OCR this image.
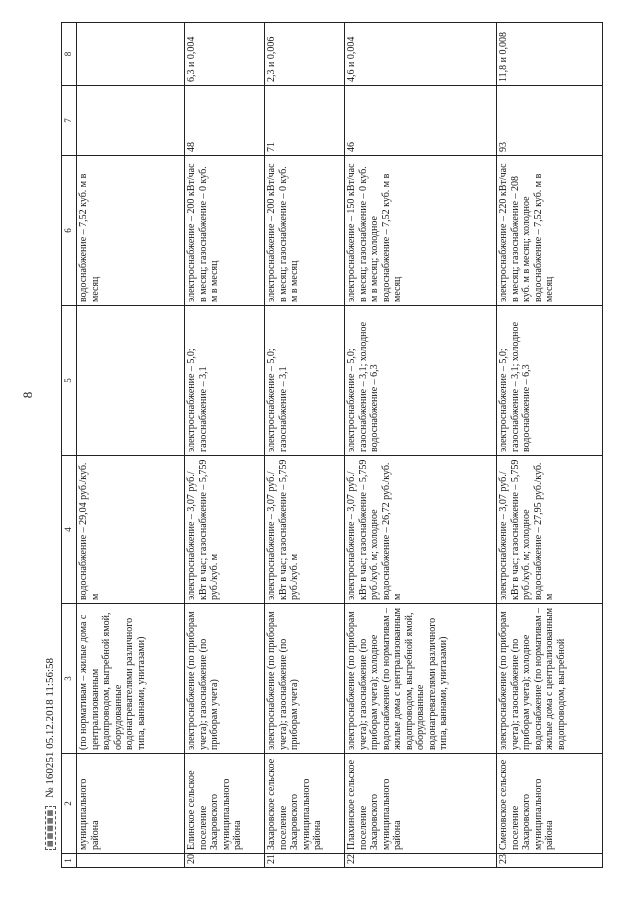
8
▦▦▦▦▦
№ 160251 05.12.2018 11:56:58
1	2	3	4	5	6	7	8
	муниципального района	(по нормативам – жилые дома с централизованным водопроводом, выгребной ямой, оборудованные водонагревателями различного типа, ваннами, унитазами)	водоснабжение – 29,04 руб./куб. м		водоснабжение – 7,52 куб. м в месяц		
20	Елинское сельское поселение Захаровского муниципального района	электроснабжение (по приборам учета); газоснабжение (по приборам учета)	электроснабжение – 3,07 руб./кВт в час; газоснабжение – 5,759 руб./куб. м	электроснабжение – 5,0; газоснабжение – 3,1	электроснабжение – 200 кВт/час в месяц; газоснабжение – 0 куб. м в месяц	48	6,3 и 0,004
21	Захаровское сельское поселение Захаровского муниципального района	электроснабжение (по приборам учета); газоснабжение (по приборам учета)	электроснабжение – 3,07 руб./кВт в час; газоснабжение – 5,759 руб./куб. м	электроснабжение – 5,0; газоснабжение – 3,1	электроснабжение – 200 кВт/час в месяц; газоснабжение – 0 куб. м в месяц	71	2,3 и 0,006
22	Плахинское сельское поселение Захаровского муниципального района	электроснабжение (по приборам учета); газоснабжение (по приборам учета); холодное водоснабжение (по нормативам – жилые дома с централизованным водопроводом, выгребной ямой, оборудованные водонагревателями различного типа, ваннами, унитазами)	электроснабжение – 3,07 руб./кВт в час; газоснабжение – 5,759 руб./куб. м; холодное водоснабжение – 26,72 руб./куб. м	электроснабжение – 5,0; газоснабжение – 3,1; холодное водоснабжение – 6,3	электроснабжение – 150 кВт/час в месяц; газоснабжение – 0 куб. м в месяц; холодное водоснабжение – 7,52 куб. м в месяц	46	4,6 и 0,004
23	Сменовское сельское поселение Захаровского муниципального района	электроснабжение (по приборам учета); газоснабжение (по приборам учета); холодное водоснабжение (по нормативам – жилые дома с централизованным водопроводом, выгребной	электроснабжение – 3,07 руб./кВт в час; газоснабжение – 5,759 руб./куб. м; холодное водоснабжение – 27,95 руб./куб. м	электроснабжение – 5,0; газоснабжение – 3,1; холодное водоснабжение – 6,3	электроснабжение – 220 кВт/час в месяц; газоснабжение – 208 куб. м в месяц; холодное водоснабжение – 7,52 куб. м в месяц	93	11,8 и 0,008
